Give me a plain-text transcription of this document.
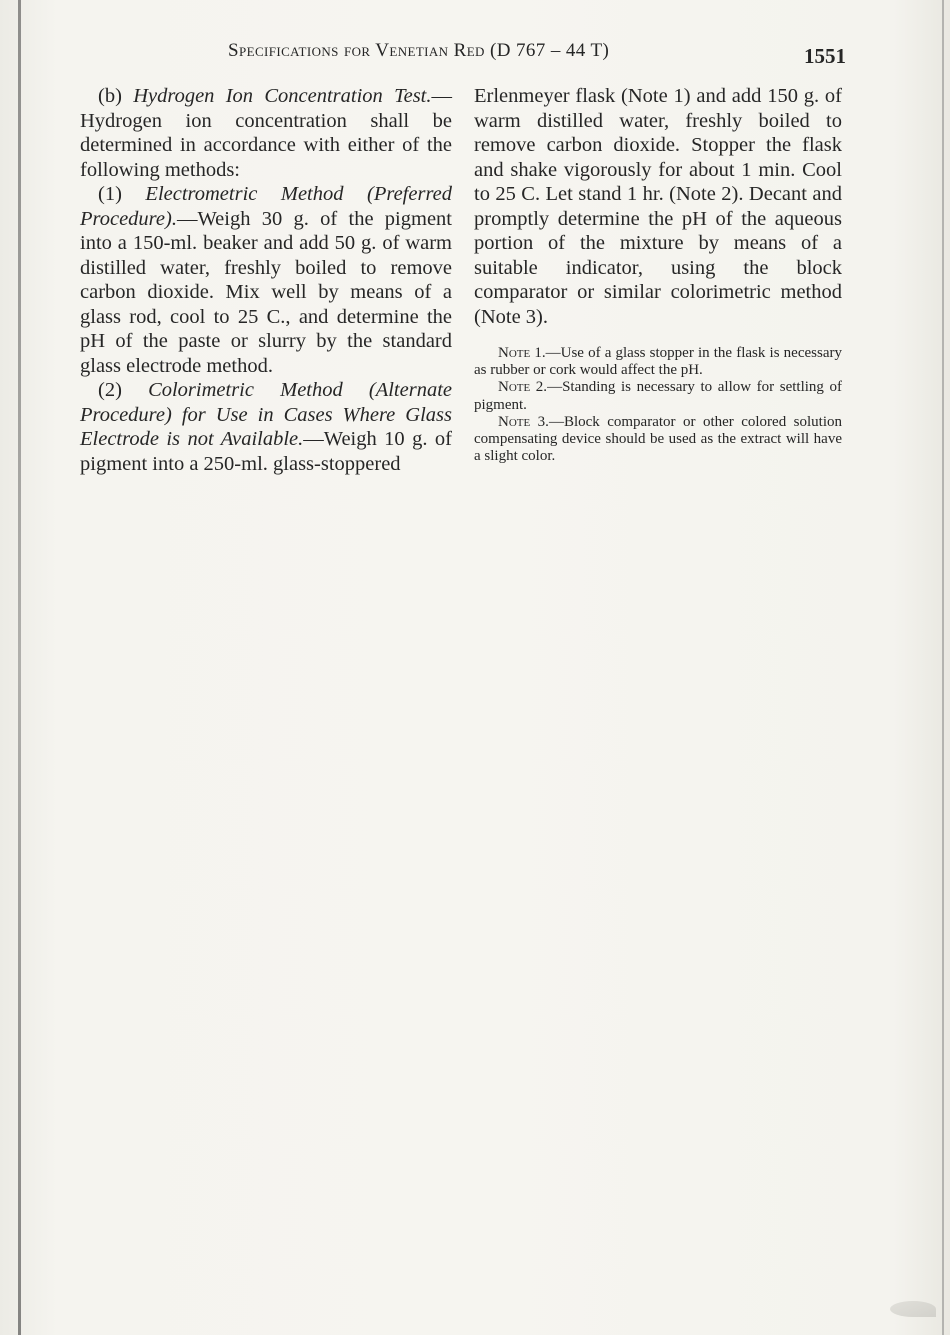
Specifications for Venetian Red (D 767 – 44 T)	1551

(b) Hydrogen Ion Concentration Test.—Hydrogen ion concentration shall be determined in accordance with either of the following methods:

(1) Electrometric Method (Preferred Procedure).—Weigh 30 g. of the pigment into a 150-ml. beaker and add 50 g. of warm distilled water, freshly boiled to remove carbon dioxide. Mix well by means of a glass rod, cool to 25 C., and determine the pH of the paste or slurry by the standard glass electrode method.

(2) Colorimetric Method (Alternate Procedure) for Use in Cases Where Glass Electrode is not Available.—Weigh 10 g. of pigment into a 250-ml. glass-stoppered

Erlenmeyer flask (Note 1) and add 150 g. of warm distilled water, freshly boiled to remove carbon dioxide. Stopper the flask and shake vigorously for about 1 min. Cool to 25 C. Let stand 1 hr. (Note 2). Decant and promptly determine the pH of the aqueous portion of the mixture by means of a suitable indicator, using the block comparator or similar colorimetric method (Note 3).

Note 1.—Use of a glass stopper in the flask is necessary as rubber or cork would affect the pH.

Note 2.—Standing is necessary to allow for settling of pigment.

Note 3.—Block comparator or other colored solution compensating device should be used as the extract will have a slight color.
